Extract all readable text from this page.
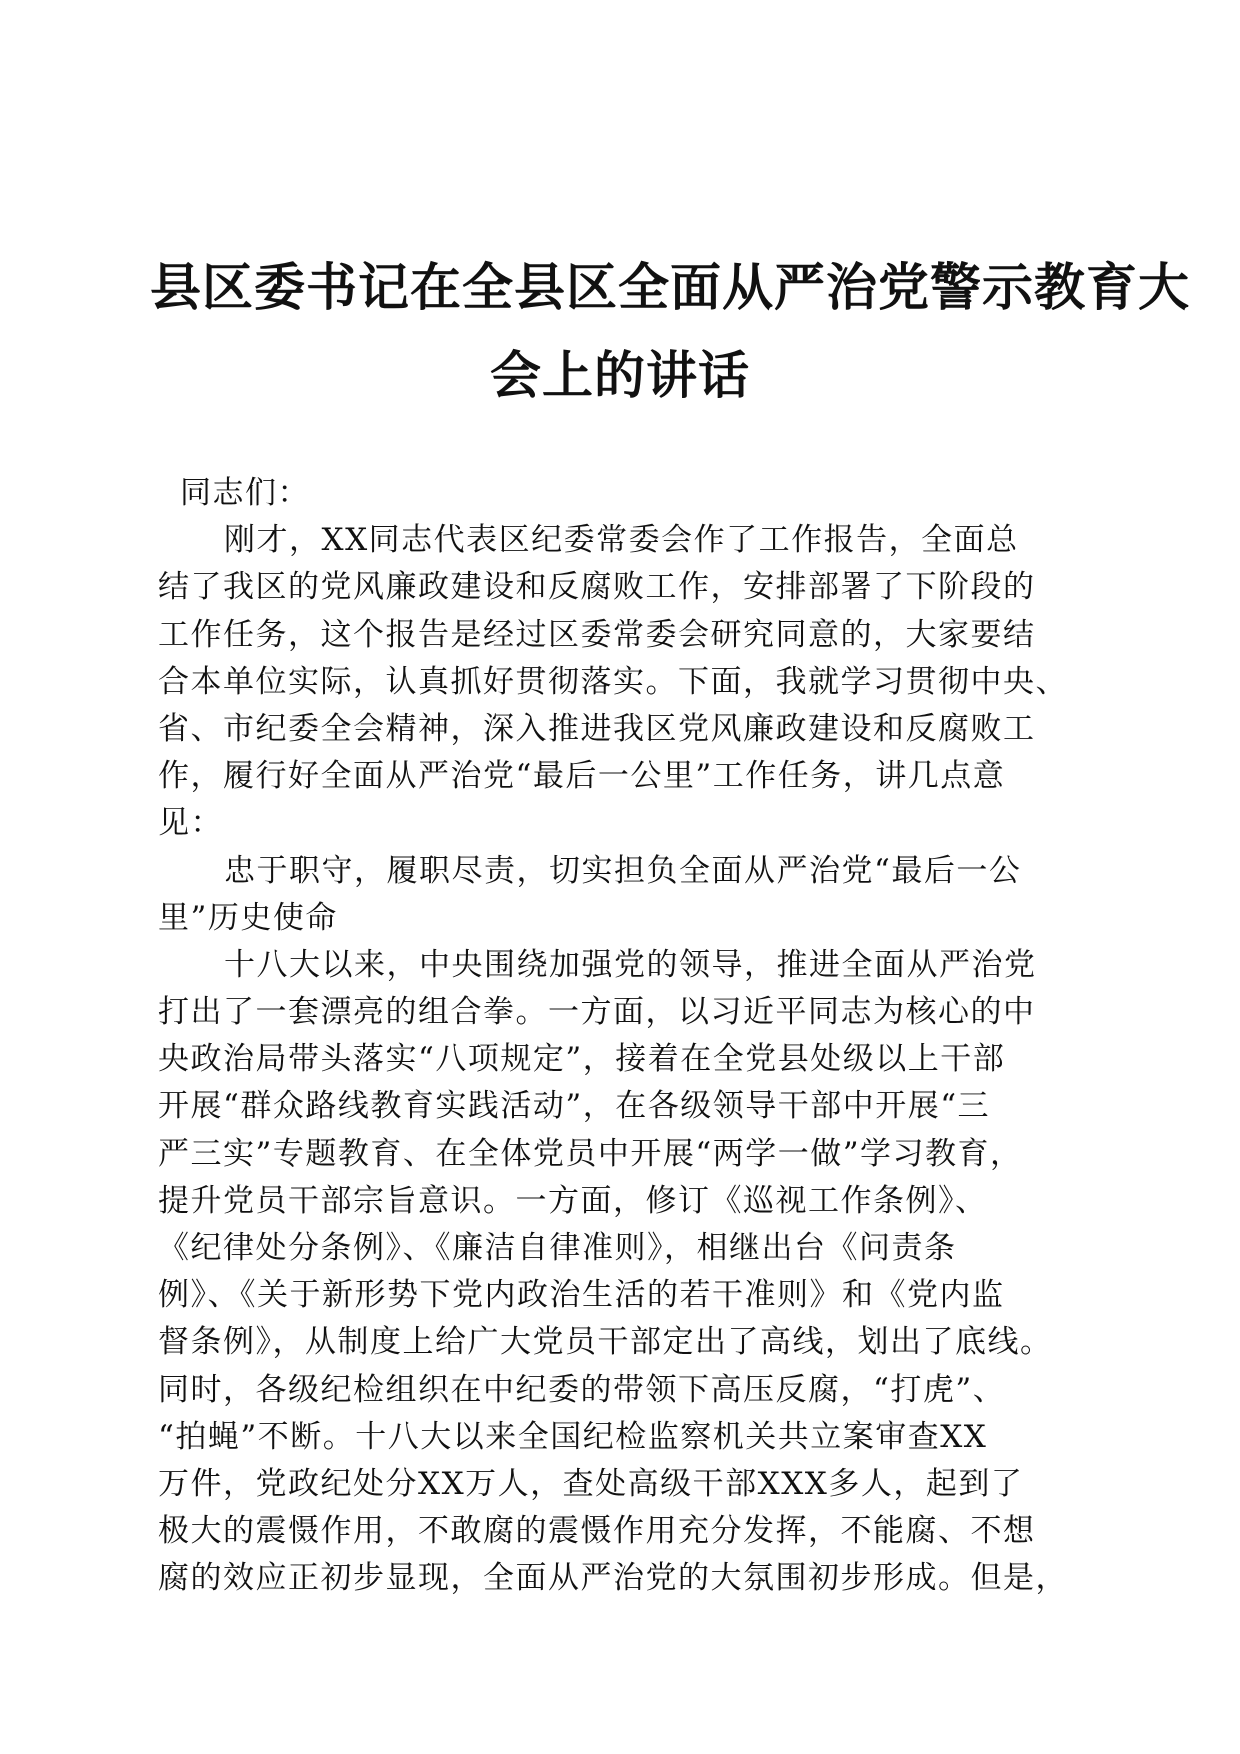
县区委书记在全县区全面从严治党警示教育大
会上的讲话
同志们：
刚才，XX同志代表区纪委常委会作了工作报告，全面总
结了我区的党风廉政建设和反腐败工作，安排部署了下阶段的
工作任务，这个报告是经过区委常委会研究同意的，大家要结
合本单位实际，认真抓好贯彻落实。下面，我就学习贯彻中央、
省、市纪委全会精神，深入推进我区党风廉政建设和反腐败工
作，履行好全面从严治党“最后一公里”工作任务，讲几点意
见：
忠于职守，履职尽责，切实担负全面从严治党“最后一公
里”历史使命
十八大以来，中央围绕加强党的领导，推进全面从严治党
打出了一套漂亮的组合拳。一方面，以习近平同志为核心的中
央政治局带头落实“八项规定”，接着在全党县处级以上干部
开展“群众路线教育实践活动”，在各级领导干部中开展“三
严三实”专题教育、在全体党员中开展“两学一做”学习教育，
提升党员干部宗旨意识。一方面，修订《巡视工作条例》、
《纪律处分条例》、《廉洁自律准则》，相继出台《问责条
例》、《关于新形势下党内政治生活的若干准则》和《党内监
督条例》，从制度上给广大党员干部定出了高线，划出了底线。
同时，各级纪检组织在中纪委的带领下高压反腐，“打虎”、
“拍蝇”不断。十八大以来全国纪检监察机关共立案审查XX
万件，党政纪处分XX万人，查处高级干部XXX多人，起到了
极大的震慑作用，不敢腐的震慑作用充分发挥，不能腐、不想
腐的效应正初步显现，全面从严治党的大氛围初步形成。但是，
